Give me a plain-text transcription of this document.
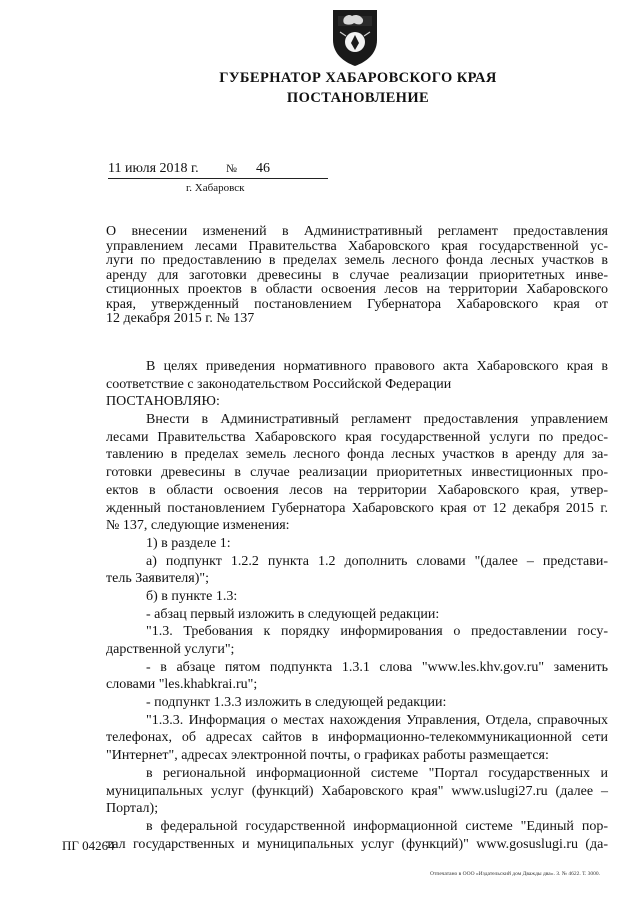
ГУБЕРНАТОР ХАБАРОВСКОГО КРАЯ
ПОСТАНОВЛЕНИЕ
11 июля 2018 г. № 46
г. Хабаровск
О внесении изменений в Административный регламент предоставления
управлением лесами Правительства Хабаровского края государственной ус-
луги по предоставлению в пределах земель лесного фонда лесных участков в
аренду для заготовки древесины в случае реализации приоритетных инве-
стиционных проектов в области освоения лесов на территории Хабаровского
края, утвержденный постановлением Губернатора Хабаровского края от
12 декабря 2015 г. № 137
В целях приведения нормативного правового акта Хабаровского края в
соответствие с законодательством Российской Федерации
ПОСТАНОВЛЯЮ:
Внести в Административный регламент предоставления управлением
лесами Правительства Хабаровского края государственной услуги по предос-
тавлению в пределах земель лесного фонда лесных участков в аренду для за-
готовки древесины в случае реализации приоритетных инвестиционных про-
ектов в области освоения лесов на территории Хабаровского края, утвер-
жденный постановлением Губернатора Хабаровского края от 12 декабря 2015 г.
№ 137, следующие изменения:
1) в разделе 1:
а) подпункт 1.2.2 пункта 1.2 дополнить словами "(далее – представи-
тель Заявителя)";
б) в пункте 1.3:
- абзац первый изложить в следующей редакции:
"1.3. Требования к порядку информирования о предоставлении госу-
дарственной услуги";
- в абзаце пятом подпункта 1.3.1 слова "www.les.khv.gov.ru" заменить
словами "les.khabkrai.ru";
- подпункт 1.3.3 изложить в следующей редакции:
"1.3.3. Информация о местах нахождения Управления, Отдела, справочных
телефонах, об адресах сайтов в информационно-телекоммуникационной сети
"Интернет", адресах электронной почты, о графиках работы размещается:
в региональной информационной системе "Портал государственных и
муниципальных услуг (функций) Хабаровского края" www.uslugi27.ru (далее –
Портал);
в федеральной государственной информационной системе "Единый пор-
тал государственных и муниципальных услуг (функций)" www.gosuslugi.ru (да-
ПГ 04264
Отпечатано в ООО «Издательский дом Дважды два». З. № 4622. Т. 3000.
